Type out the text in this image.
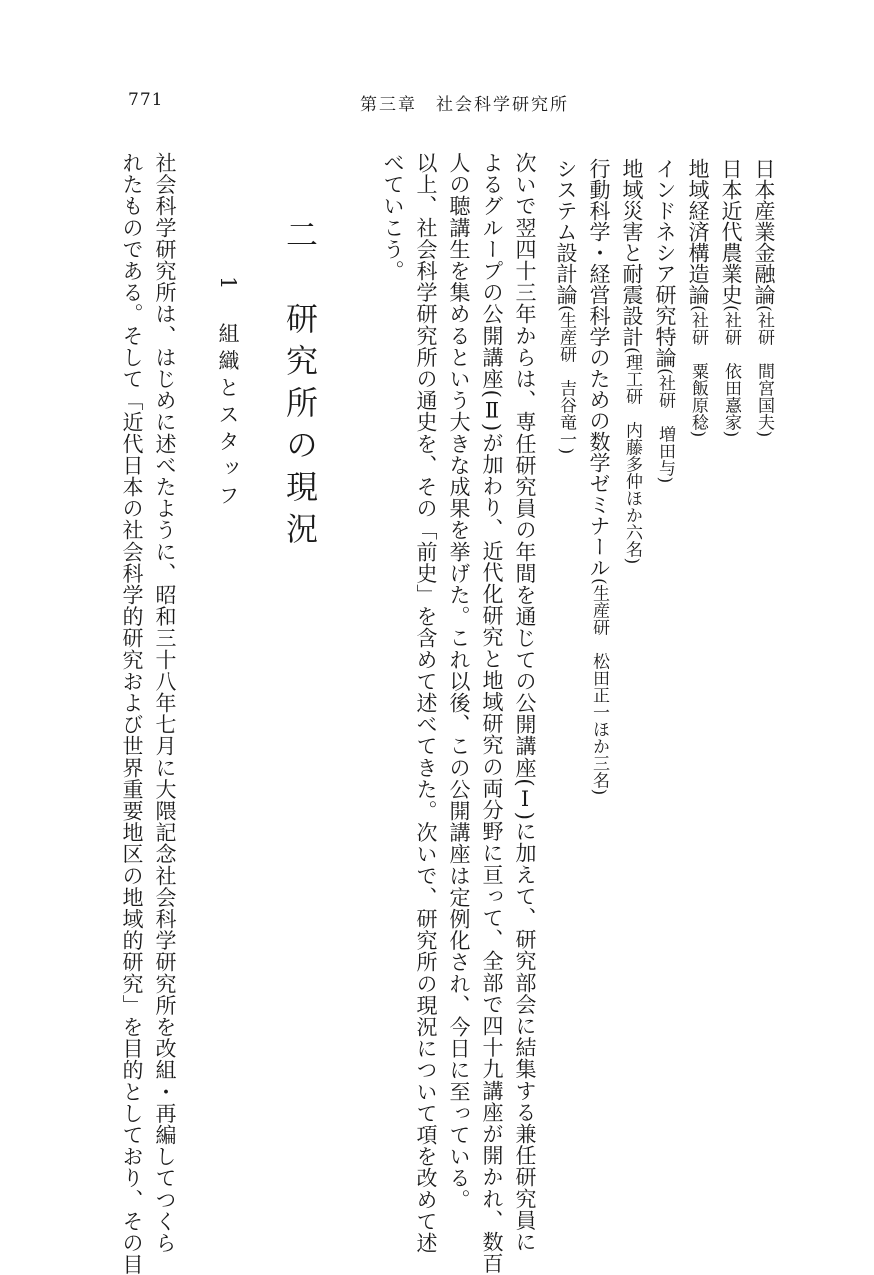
771	第三章　社会科学研究所
日本産業金融論(社研　間宮国夫)
日本近代農業史(社研　依田憙家)
地域経済構造論(社研　粟飯原稔)
インドネシア研究特論(社研　増田与)
地域災害と耐震設計(理工研　内藤多仲ほか六名)
行動科学・経営科学のための数学ゼミナール(生産研　松田正一ほか三名)
システム設計論(生産研　吉谷竜一)
次いで翌四十三年からは、専任研究員の年間を通じての公開講座(Ⅰ)に加えて、研究部会に結集する兼任研究員に
よるグループの公開講座(Ⅱ)が加わり、近代化研究と地域研究の両分野に亘って、全部で四十九講座が開かれ、数百
人の聴講生を集めるという大きな成果を挙げた。これ以後、この公開講座は定例化され、今日に至っている。
以上、社会科学研究所の通史を、その「前史」を含めて述べてきた。次いで、研究所の現況について項を改めて述
べていこう。
二　研究所の現況
1　組織とスタッフ
社会科学研究所は、はじめに述べたように、昭和三十八年七月に大隈記念社会科学研究所を改組・再編してつくら
れたものである。そして「近代日本の社会科学的研究および世界重要地区の地域的研究」を目的としており、その目
